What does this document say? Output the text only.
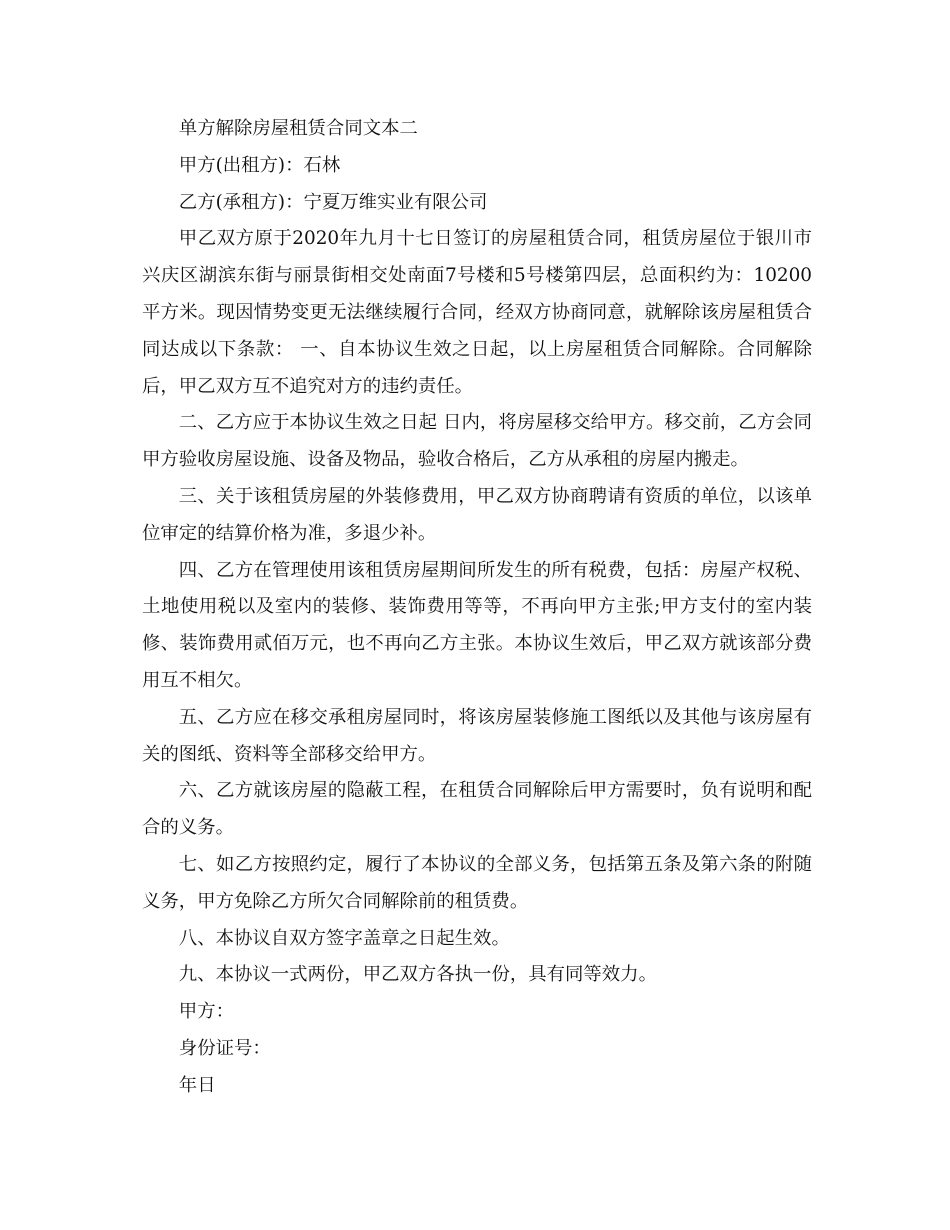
单方解除房屋租赁合同文本二

甲方(出租方)：石林

乙方(承租方)：宁夏万维实业有限公司

甲乙双方原于2020年九月十七日签订的房屋租赁合同，租赁房屋位于银川市兴庆区湖滨东街与丽景街相交处南面7号楼和5号楼第四层，总面积约为：10200平方米。现因情势变更无法继续履行合同，经双方协商同意，就解除该房屋租赁合同达成以下条款： 一、自本协议生效之日起，以上房屋租赁合同解除。合同解除后，甲乙双方互不追究对方的违约责任。

二、乙方应于本协议生效之日起 日内，将房屋移交给甲方。移交前，乙方会同甲方验收房屋设施、设备及物品，验收合格后，乙方从承租的房屋内搬走。

三、关于该租赁房屋的外装修费用，甲乙双方协商聘请有资质的单位，以该单位审定的结算价格为准，多退少补。

四、乙方在管理使用该租赁房屋期间所发生的所有税费，包括：房屋产权税、土地使用税以及室内的装修、装饰费用等等，不再向甲方主张;甲方支付的室内装修、装饰费用贰佰万元，也不再向乙方主张。本协议生效后，甲乙双方就该部分费用互不相欠。

五、乙方应在移交承租房屋同时，将该房屋装修施工图纸以及其他与该房屋有关的图纸、资料等全部移交给甲方。

六、乙方就该房屋的隐蔽工程，在租赁合同解除后甲方需要时，负有说明和配合的义务。

七、如乙方按照约定，履行了本协议的全部义务，包括第五条及第六条的附随义务，甲方免除乙方所欠合同解除前的租赁费。

八、本协议自双方签字盖章之日起生效。

九、本协议一式两份，甲乙双方各执一份，具有同等效力。

甲方：

身份证号：

年日
